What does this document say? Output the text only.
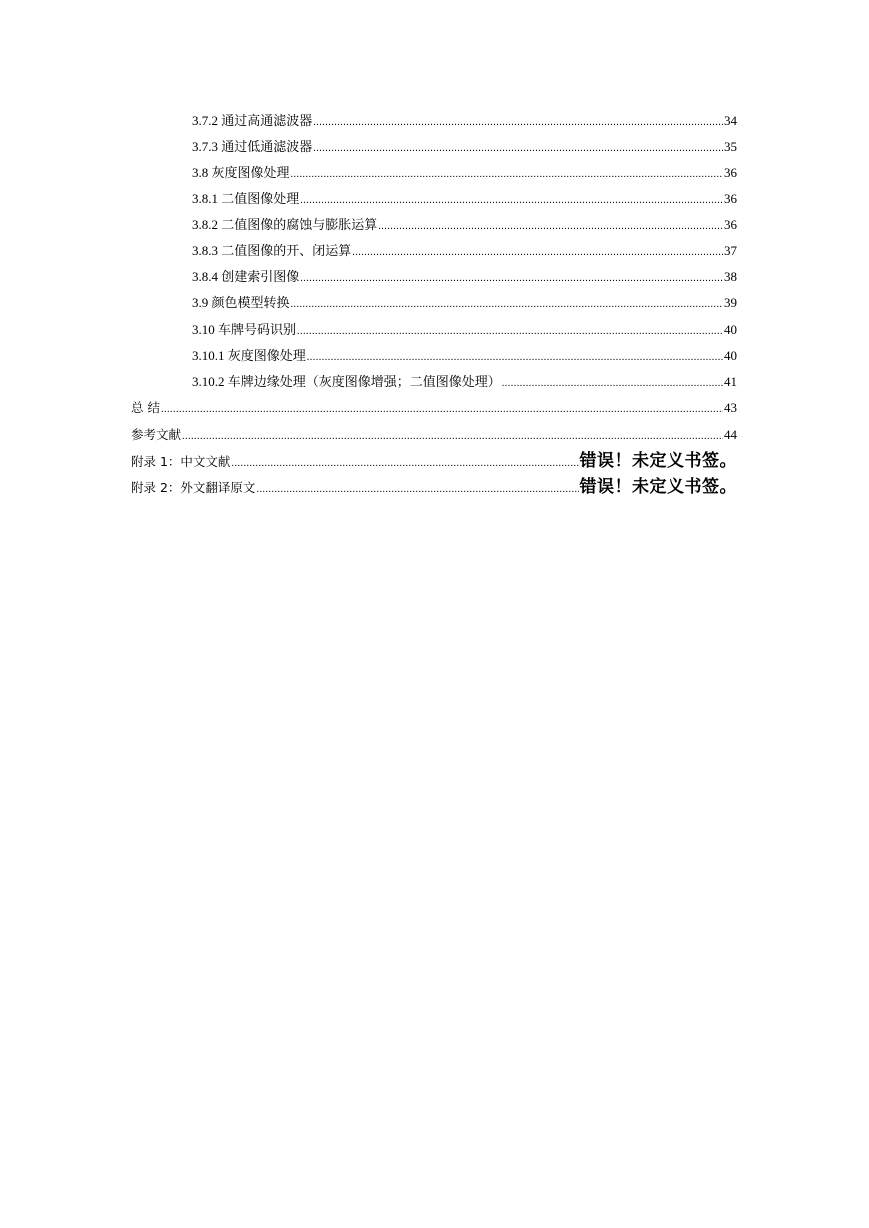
3.7.2 通过高通滤波器 .....	34
3.7.3 通过低通滤波器 .....	35
3.8 灰度图像处理 .....	36
3.8.1 二值图像处理 .....	36
3.8.2 二值图像的腐蚀与膨胀运算 .....	36
3.8.3 二值图像的开、闭运算 .....	37
3.8.4 创建索引图像 .....	38
3.9 颜色模型转换 .....	39
3.10 车牌号码识别 .....	40
3.10.1 灰度图像处理 .....	40
3.10.2 车牌边缘处理（灰度图像增强；二值图像处理） .....	41
总 结 .....	43
参考文献 .....	44
附录 1：中文文献 .....	错误！未定义书签。
附录 2：外文翻译原文 .....	错误！未定义书签。
